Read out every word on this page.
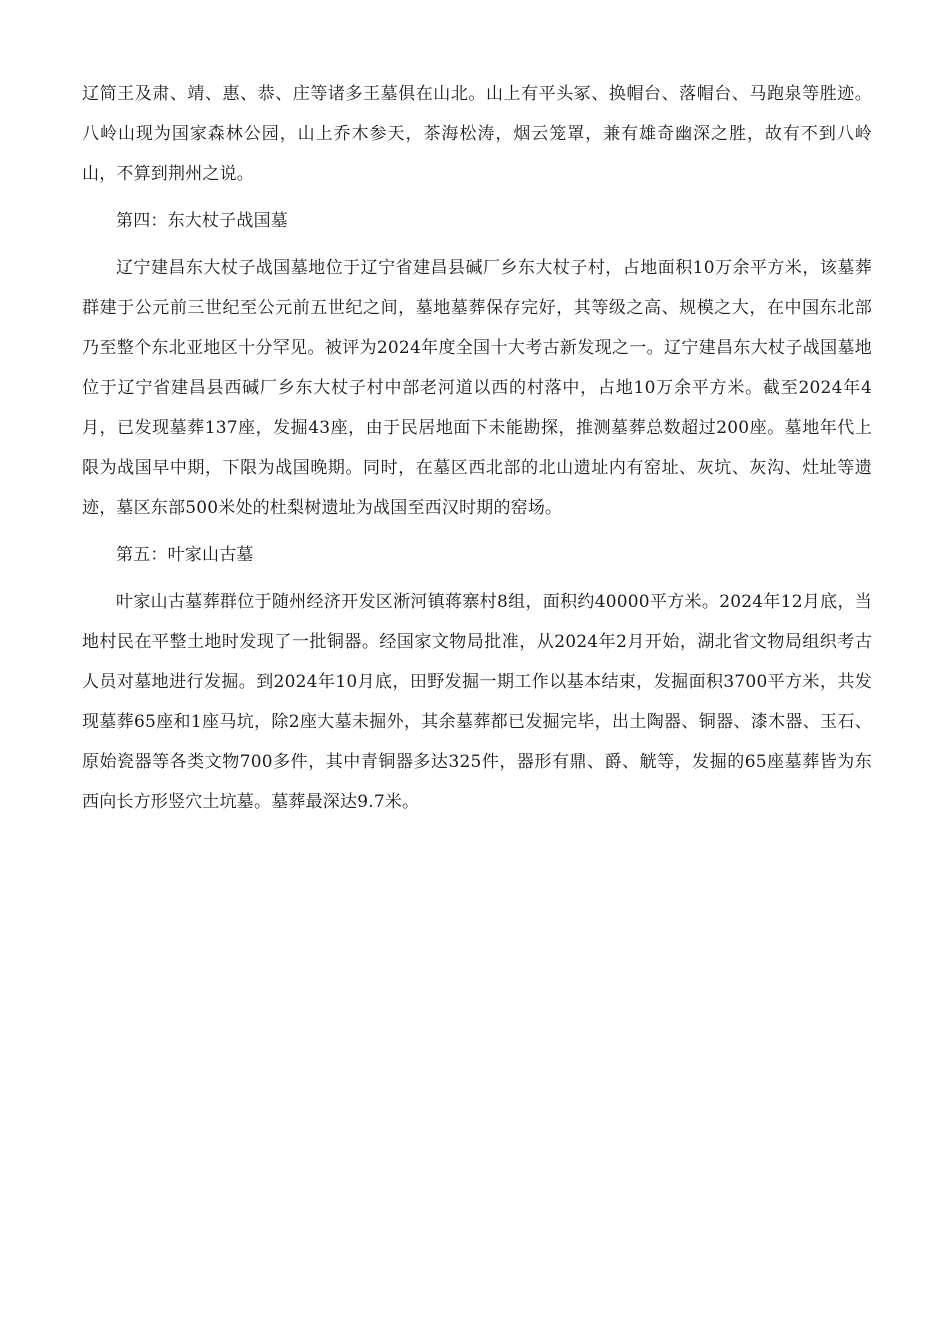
辽简王及肃、靖、惠、恭、庄等诸多王墓俱在山北。山上有平头冢、换帽台、落帽台、马跑泉等胜迹。八岭山现为国家森林公园，山上乔木参天，茶海松涛，烟云笼罩，兼有雄奇幽深之胜，故有不到八岭山，不算到荆州之说。

第四：东大杖子战国墓

辽宁建昌东大杖子战国墓地位于辽宁省建昌县碱厂乡东大杖子村，占地面积10万余平方米，该墓葬群建于公元前三世纪至公元前五世纪之间，墓地墓葬保存完好，其等级之高、规模之大，在中国东北部乃至整个东北亚地区十分罕见。被评为2024年度全国十大考古新发现之一。辽宁建昌东大杖子战国墓地位于辽宁省建昌县西碱厂乡东大杖子村中部老河道以西的村落中，占地10万余平方米。截至2024年4月，已发现墓葬137座，发掘43座，由于民居地面下未能勘探，推测墓葬总数超过200座。墓地年代上限为战国早中期，下限为战国晚期。同时，在墓区西北部的北山遗址内有窑址、灰坑、灰沟、灶址等遗迹，墓区东部500米处的杜梨树遗址为战国至西汉时期的窑场。

第五：叶家山古墓

叶家山古墓葬群位于随州经济开发区淅河镇蒋寨村8组，面积约40000平方米。2024年12月底，当地村民在平整土地时发现了一批铜器。经国家文物局批准，从2024年2月开始，湖北省文物局组织考古人员对墓地进行发掘。到2024年10月底，田野发掘一期工作以基本结束，发掘面积3700平方米，共发现墓葬65座和1座马坑，除2座大墓未掘外，其余墓葬都已发掘完毕，出土陶器、铜器、漆木器、玉石、原始瓷器等各类文物700多件，其中青铜器多达325件，器形有鼎、爵、觥等，发掘的65座墓葬皆为东西向长方形竖穴土坑墓。墓葬最深达9.7米。
